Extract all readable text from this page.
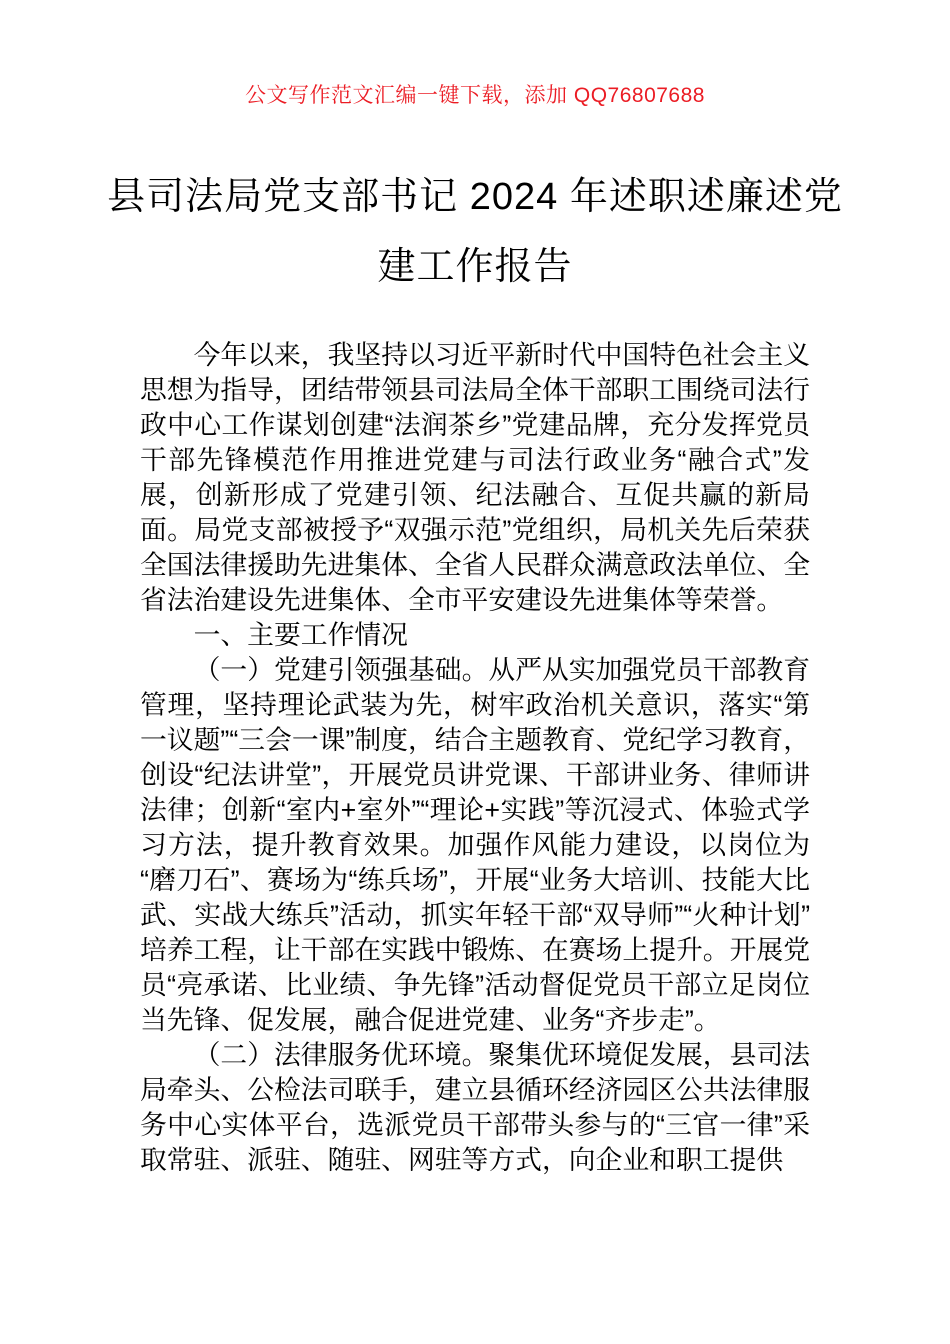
公文写作范文汇编一键下载，添加 QQ76807688
县司法局党支部书记 2024 年述职述廉述党
建工作报告

今年以来，我坚持以习近平新时代中国特色社会主义思想为指导，团结带领县司法局全体干部职工围绕司法行政中心工作谋划创建“法润茶乡”党建品牌，充分发挥党员干部先锋模范作用推进党建与司法行政业务“融合式”发展，创新形成了党建引领、纪法融合、互促共赢的新局面。局党支部被授予“双强示范”党组织，局机关先后荣获全国法律援助先进集体、全省人民群众满意政法单位、全省法治建设先进集体、全市平安建设先进集体等荣誉。

一、主要工作情况

（一）党建引领强基础。从严从实加强党员干部教育管理，坚持理论武装为先，树牢政治机关意识，落实“第一议题”“三会一课”制度，结合主题教育、党纪学习教育，创设“纪法讲堂”，开展党员讲党课、干部讲业务、律师讲法律；创新“室内+室外”“理论+实践”等沉浸式、体验式学习方法，提升教育效果。加强作风能力建设，以岗位为“磨刀石”、赛场为“练兵场”，开展“业务大培训、技能大比武、实战大练兵”活动，抓实年轻干部“双导师”“火种计划”培养工程，让干部在实践中锻炼、在赛场上提升。开展党员“亮承诺、比业绩、争先锋”活动督促党员干部立足岗位当先锋、促发展，融合促进党建、业务“齐步走”。

（二）法律服务优环境。聚集优环境促发展，县司法局牵头、公检法司联手，建立县循环经济园区公共法律服务中心实体平台，选派党员干部带头参与的“三官一律”采取常驻、派驻、随驻、网驻等方式，向企业和职工提供
